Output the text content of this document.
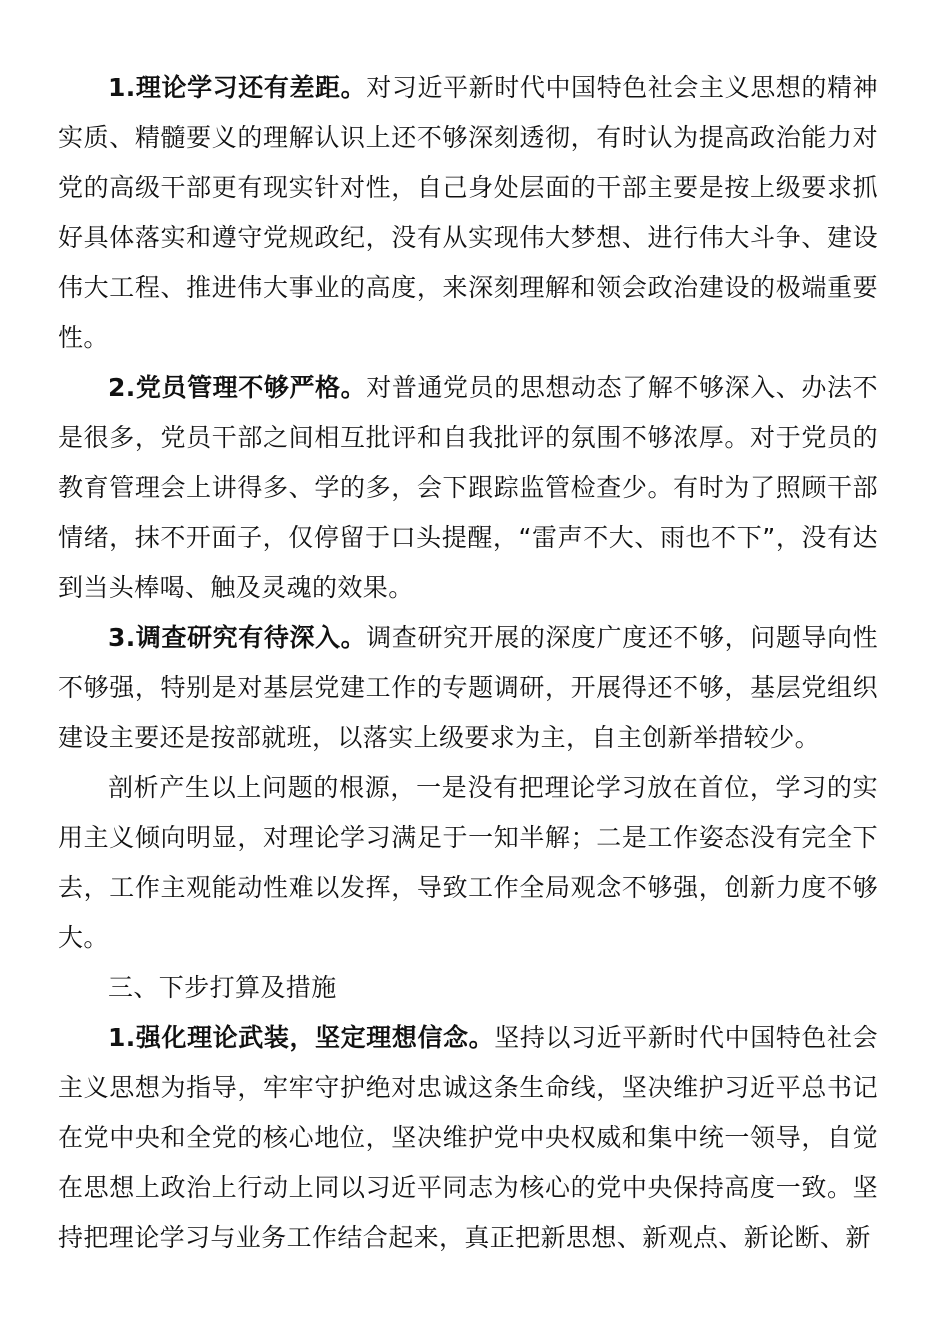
1.理论学习还有差距。对习近平新时代中国特色社会主义思想的精神实质、精髓要义的理解认识上还不够深刻透彻，有时认为提高政治能力对党的高级干部更有现实针对性，自己身处层面的干部主要是按上级要求抓好具体落实和遵守党规政纪，没有从实现伟大梦想、进行伟大斗争、建设伟大工程、推进伟大事业的高度，来深刻理解和领会政治建设的极端重要性。

2.党员管理不够严格。对普通党员的思想动态了解不够深入、办法不是很多，党员干部之间相互批评和自我批评的氛围不够浓厚。对于党员的教育管理会上讲得多、学的多，会下跟踪监管检查少。有时为了照顾干部情绪，抹不开面子，仅停留于口头提醒，“雷声不大、雨也不下”，没有达到当头棒喝、触及灵魂的效果。

3.调查研究有待深入。调查研究开展的深度广度还不够，问题导向性不够强，特别是对基层党建工作的专题调研，开展得还不够，基层党组织建设主要还是按部就班，以落实上级要求为主，自主创新举措较少。

剖析产生以上问题的根源，一是没有把理论学习放在首位，学习的实用主义倾向明显，对理论学习满足于一知半解；二是工作姿态没有完全下去，工作主观能动性难以发挥，导致工作全局观念不够强，创新力度不够大。

三、下步打算及措施

1.强化理论武装，坚定理想信念。坚持以习近平新时代中国特色社会主义思想为指导，牢牢守护绝对忠诚这条生命线，坚决维护习近平总书记在党中央和全党的核心地位，坚决维护党中央权威和集中统一领导，自觉在思想上政治上行动上同以习近平同志为核心的党中央保持高度一致。坚持把理论学习与业务工作结合起来，真正把新思想、新观点、新论断、新
